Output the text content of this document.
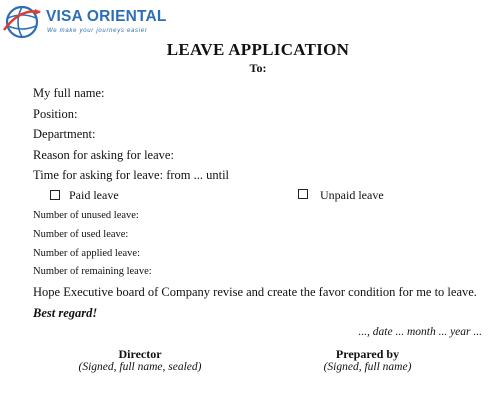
VISA ORIENTAL
We make your journeys easier
LEAVE APPLICATION
To:
My full name:
Position:
Department:
Reason for asking for leave:
Time for asking for leave: from ... until
Paid leave	Unpaid leave
Number of unused leave:
Number of used leave:
Number of applied leave:
Number of remaining leave:
Hope Executive board of Company revise and create the favor condition for me to leave.
Best regard!
..., date ... month ... year ...
Director
(Signed, full name, sealed)
Prepared by
(Signed, full name)
